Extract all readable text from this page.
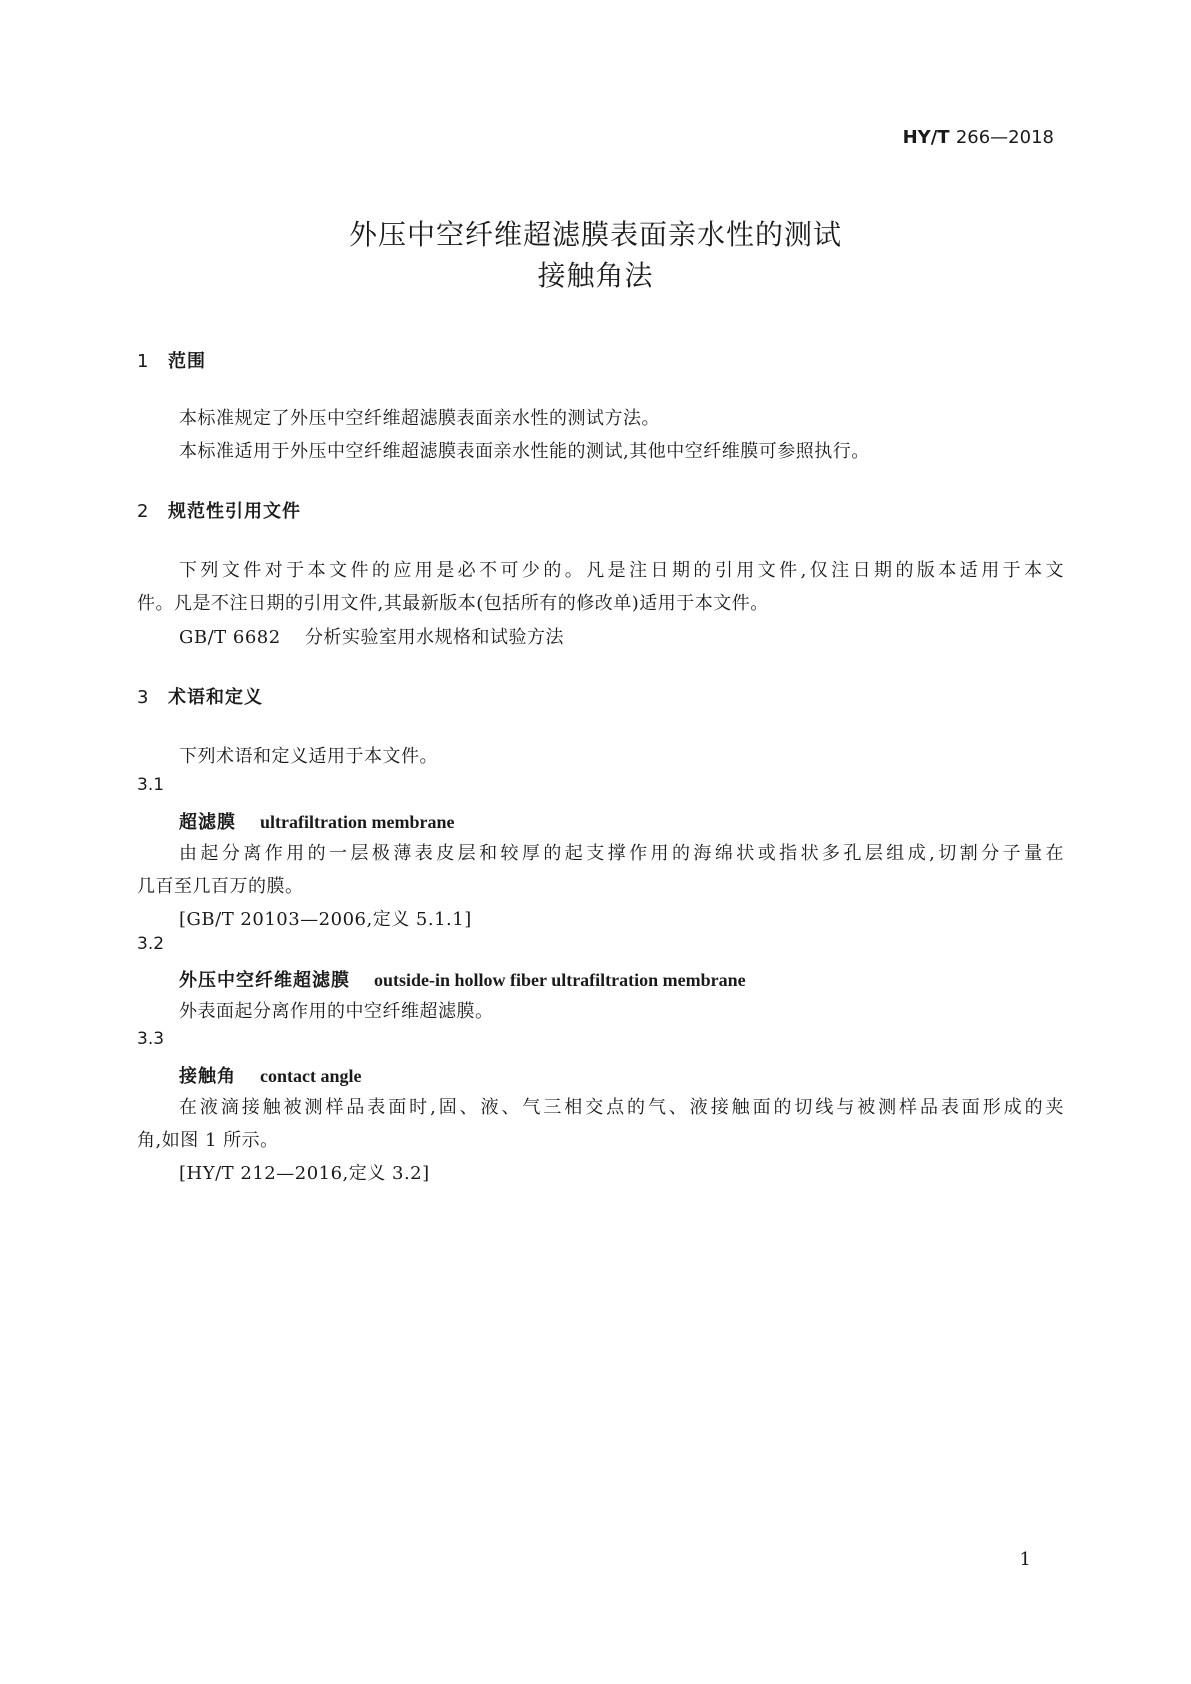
HY/T 266—2018
外压中空纤维超滤膜表面亲水性的测试
接触角法
1 范围
本标准规定了外压中空纤维超滤膜表面亲水性的测试方法。
本标准适用于外压中空纤维超滤膜表面亲水性能的测试,其他中空纤维膜可参照执行。
2 规范性引用文件
下列文件对于本文件的应用是必不可少的。凡是注日期的引用文件,仅注日期的版本适用于本文
件。凡是不注日期的引用文件,其最新版本(包括所有的修改单)适用于本文件。
GB/T 6682 分析实验室用水规格和试验方法
3 术语和定义
下列术语和定义适用于本文件。
3.1
超滤膜 ultrafiltration membrane
由起分离作用的一层极薄表皮层和较厚的起支撑作用的海绵状或指状多孔层组成,切割分子量在
几百至几百万的膜。
[GB/T 20103—2006,定义 5.1.1]
3.2
外压中空纤维超滤膜 outside-in hollow fiber ultrafiltration membrane
外表面起分离作用的中空纤维超滤膜。
3.3
接触角 contact angle
在液滴接触被测样品表面时,固、液、气三相交点的气、液接触面的切线与被测样品表面形成的夹
角,如图 1 所示。
[HY/T 212—2016,定义 3.2]
1
